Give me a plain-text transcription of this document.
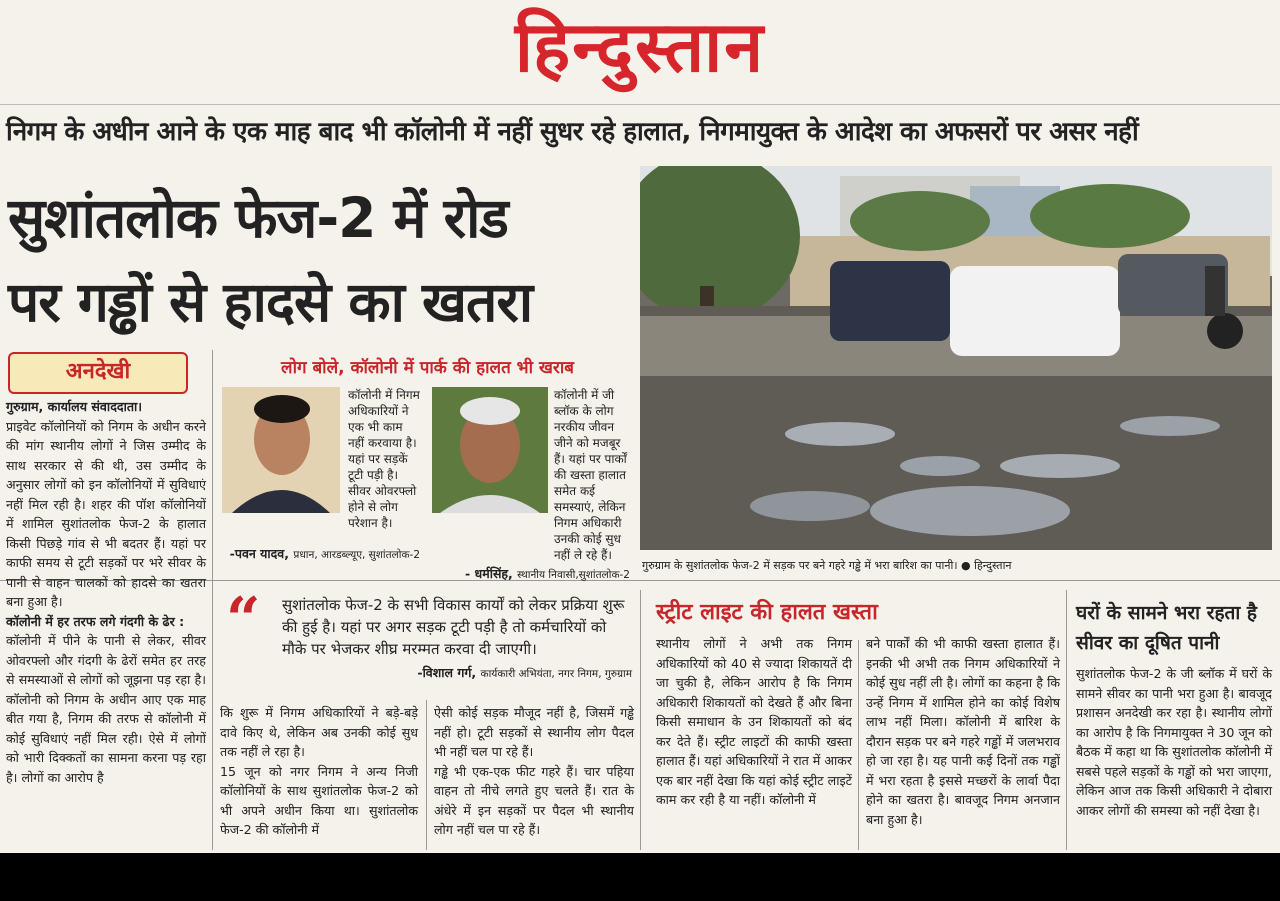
हिन्दुस्तान
निगम के अधीन आने के एक माह बाद भी कॉलोनी में नहीं सुधर रहे हालात, निगमायुक्त के आदेश का अफसरों पर असर नहीं
सुशांतलोक फेज-2 में रोड
पर गड्ढों से हादसे का खतरा
गुरुग्राम के सुशांतलोक फेज-2 में सड़क पर बने गहरे गड्ढे में भरा बारिश का पानी। ● हिन्दुस्तान
अनदेखी

गुरुग्राम, कार्यालय संवाददाता।

प्राइवेट कॉलोनियों को निगम के अधीन करने की मांग स्थानीय लोगों ने जिस उम्मीद के साथ सरकार से की थी, उस उम्मीद के अनुसार लोगों को इन कॉलोनियों में सुविधाएं नहीं मिल रही है। शहर की पॉश कॉलोनियों में शामिल सुशांतलोक फेज-2 के हालात किसी पिछड़े गांव से भी बदतर हैं। यहां पर काफी समय से टूटी सड़कों पर भरे सीवर के पानी से वाहन चालकों को हादसे का खतरा बना हुआ है।

कॉलोनी में हर तरफ लगे गंदगी के ढेर :

कॉलोनी में पीने के पानी से लेकर, सीवर ओवरफ्लो और गंदगी के ढेरों समेत हर तरह से समस्याओं से लोगों को जूझना पड़ रहा है। कॉलोनी को निगम के अधीन आए एक माह बीत गया है, निगम की तरफ से कॉलोनी में कोई सुविधाएं नहीं मिल रही। ऐसे में लोगों को भारी दिक्कतों का सामना करना पड़ रहा है। लोगों का आरोप है

लोग बोले, कॉलोनी में पार्क की हालत भी खराब
कॉलोनी में निगम अधिकारियों ने एक भी काम नहीं करवाया है। यहां पर सड़कें टूटी पड़ी है। सीवर ओवरफ्लो होने से लोग परेशान है।
-पवन यादव, प्रधान, आरडब्ल्यूए, सुशांतलोक-2
कॉलोनी में जी ब्लॉक के लोग नरकीय जीवन जीने को मजबूर हैं। यहां पर पार्कों की खस्ता हालात समेत कई समस्याएं, लेकिन निगम अधिकारी उनकी कोई सुध नहीं ले रहे हैं।
- धर्मसिंह, स्थानीय निवासी,सुशांतलोक-2
“ सुशांतलोक फेज-2 के सभी विकास कार्यों को लेकर प्रक्रिया शुरू की हुई है। यहां पर अगर सड़क टूटी पड़ी है तो कर्मचारियों को मौके पर भेजकर शीघ्र मरम्मत करवा दी जाएगी।
-विशाल गर्ग, कार्यकारी अभियंता, नगर निगम, गुरुग्राम
कि शुरू में निगम अधिकारियों ने बड़े-बड़े दावे किए थे, लेकिन अब उनकी कोई सुध तक नहीं ले रहा है।
15 जून को नगर निगम ने अन्य निजी कॉलोनियों के साथ सुशांतलोक फेज-2 को भी अपने अधीन किया था। सुशांतलोक फेज-2 की कॉलोनी में
ऐसी कोई सड़क मौजूद नहीं है, जिसमें गड्ढे नहीं हो। टूटी सड़कों से स्थानीय लोग पैदल भी नहीं चल पा रहे हैं।
गड्ढे भी एक-एक फीट गहरे हैं। चार पहिया वाहन तो नीचे लगते हुए चलते हैं। रात के अंधेरे में इन सड़कों पर पैदल भी स्थानीय लोग नहीं चल पा रहे हैं।
स्ट्रीट लाइट की हालत खस्ता
स्थानीय लोगों ने अभी तक निगम अधिकारियों को 40 से ज्यादा शिकायतें दी जा चुकी है, लेकिन आरोप है कि निगम अधिकारी शिकायतों को देखते हैं और बिना किसी समाधान के उन शिकायतों को बंद कर देते हैं। स्ट्रीट लाइटों की काफी खस्ता हालात हैं। यहां अधिकारियों ने रात में आकर एक बार नहीं देखा कि यहां कोई स्ट्रीट लाइटें काम कर रही है या नहीं। कॉलोनी में
बने पार्कों की भी काफी खस्ता हालात हैं। इनकी भी अभी तक निगम अधिकारियों ने कोई सुध नहीं ली है। लोगों का कहना है कि उन्हें निगम में शामिल होने का कोई विशेष लाभ नहीं मिला। कॉलोनी में बारिश के दौरान सड़क पर बने गहरे गड्ढों में जलभराव हो जा रहा है। यह पानी कई दिनों तक गड्ढों में भरा रहता है इससे मच्छरों के लार्वा पैदा होने का खतरा है। बावजूद निगम अनजान बना हुआ है।
घरों के सामने भरा रहता है सीवर का दूषित पानी
सुशांतलोक फेज-2 के जी ब्लॉक में घरों के सामने सीवर का पानी भरा हुआ है। बावजूद प्रशासन अनदेखी कर रहा है। स्थानीय लोगों का आरोप है कि निगमायुक्त ने 30 जून को बैठक में कहा था कि सुशांतलोक कॉलोनी में सबसे पहले सड़कों के गड्ढों को भरा जाएगा, लेकिन आज तक किसी अधिकारी ने दोबारा आकर लोगों की समस्या को नहीं देखा है।
